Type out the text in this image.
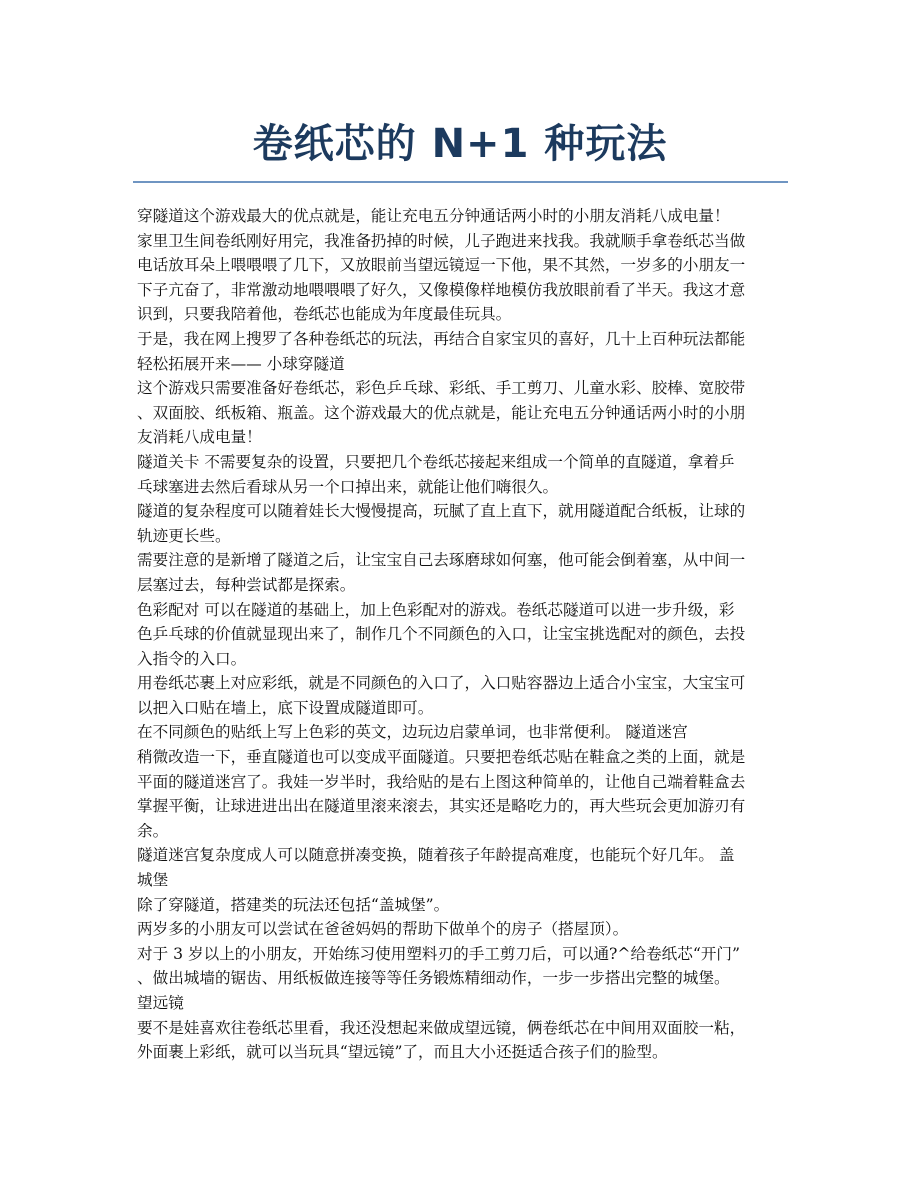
卷纸芯的 N+1 种玩法
穿隧道这个游戏最大的优点就是，能让充电五分钟通话两小时的小朋友消耗八成电量！
家里卫生间卷纸刚好用完，我准备扔掉的时候，儿子跑进来找我。我就顺手拿卷纸芯当做
电话放耳朵上喂喂喂了几下，又放眼前当望远镜逗一下他，果不其然，一岁多的小朋友一
下子亢奋了，非常激动地喂喂喂了好久，又像模像样地模仿我放眼前看了半天。我这才意
识到，只要我陪着他，卷纸芯也能成为年度最佳玩具。
于是，我在网上搜罗了各种卷纸芯的玩法，再结合自家宝贝的喜好，几十上百种玩法都能
轻松拓展开来—— 小球穿隧道
这个游戏只需要准备好卷纸芯，彩色乒乓球、彩纸、手工剪刀、儿童水彩、胶棒、宽胶带
、双面胶、纸板箱、瓶盖。这个游戏最大的优点就是，能让充电五分钟通话两小时的小朋
友消耗八成电量！
隧道关卡 不需要复杂的设置，只要把几个卷纸芯接起来组成一个简单的直隧道，拿着乒
乓球塞进去然后看球从另一个口掉出来，就能让他们嗨很久。
隧道的复杂程度可以随着娃长大慢慢提高，玩腻了直上直下，就用隧道配合纸板，让球的
轨迹更长些。
需要注意的是新增了隧道之后，让宝宝自己去琢磨球如何塞，他可能会倒着塞，从中间一
层塞过去，每种尝试都是探索。
色彩配对 可以在隧道的基础上，加上色彩配对的游戏。卷纸芯隧道可以进一步升级，彩
色乒乓球的价值就显现出来了，制作几个不同颜色的入口，让宝宝挑选配对的颜色，去投
入指令的入口。
用卷纸芯裹上对应彩纸，就是不同颜色的入口了，入口贴容器边上适合小宝宝，大宝宝可
以把入口贴在墙上，底下设置成隧道即可。
在不同颜色的贴纸上写上色彩的英文，边玩边启蒙单词，也非常便利。 隧道迷宫
稍微改造一下，垂直隧道也可以变成平面隧道。只要把卷纸芯贴在鞋盒之类的上面，就是
平面的隧道迷宫了。我娃一岁半时，我给贴的是右上图这种简单的，让他自己端着鞋盒去
掌握平衡，让球进进出出在隧道里滚来滚去，其实还是略吃力的，再大些玩会更加游刃有
余。
隧道迷宫复杂度成人可以随意拼凑变换，随着孩子年龄提高难度，也能玩个好几年。 盖
城堡
除了穿隧道，搭建类的玩法还包括“盖城堡”。
两岁多的小朋友可以尝试在爸爸妈妈的帮助下做单个的房子（搭屋顶）。
对于 3 岁以上的小朋友，开始练习使用塑料刃的手工剪刀后，可以通?^给卷纸芯“开门”
、做出城墙的锯齿、用纸板做连接等等任务锻炼精细动作，一步一步搭出完整的城堡。
望远镜
要不是娃喜欢往卷纸芯里看，我还没想起来做成望远镜，俩卷纸芯在中间用双面胶一粘，
外面裹上彩纸，就可以当玩具“望远镜”了，而且大小还挺适合孩子们的脸型。
